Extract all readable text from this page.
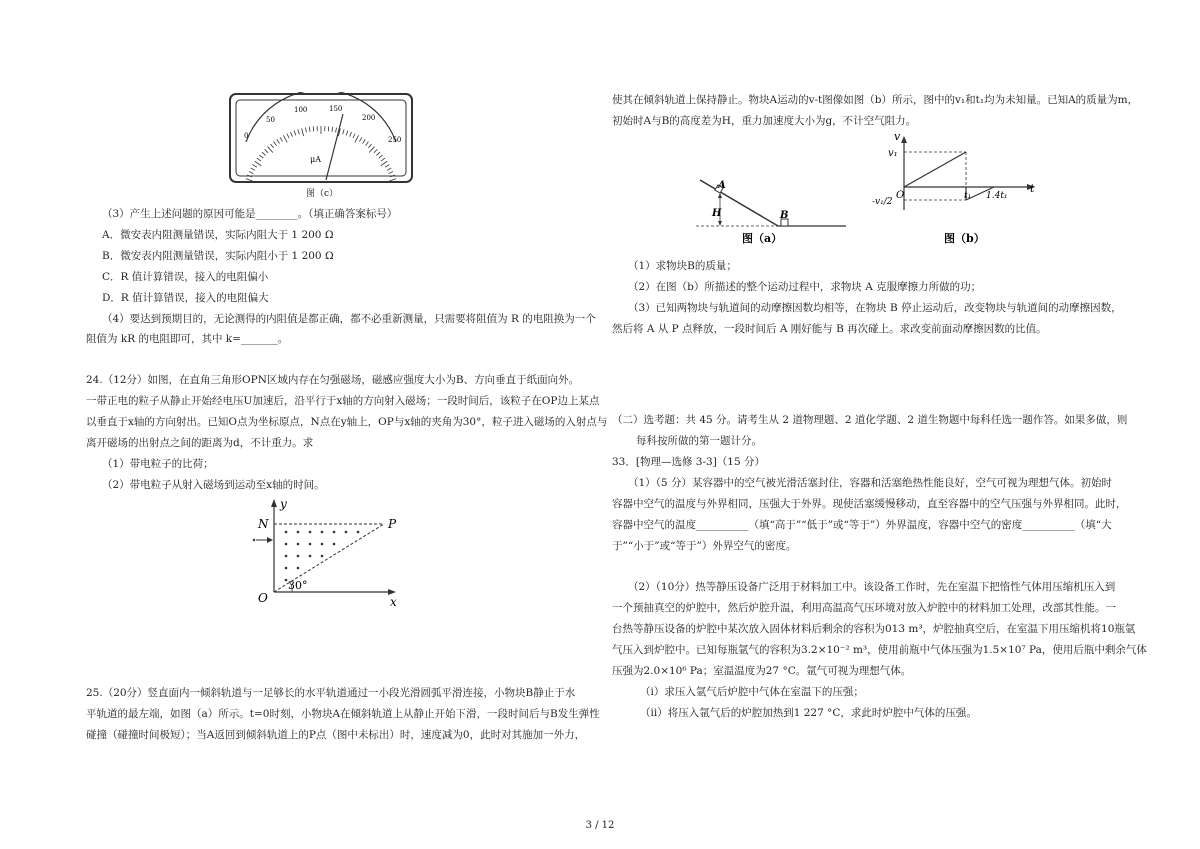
0
50
100	150
200
250
μA
图（c）
（3）产生上述问题的原因可能是________。（填正确答案标号）
A．微安表内阻测量错误，实际内阻大于 1 200 Ω
B．微安表内阻测量错误，实际内阻小于 1 200 Ω
C．R 值计算错误，接入的电阻偏小
D．R 值计算错误，接入的电阻偏大
（4）要达到预期目的，无论测得的内阻值是都正确，都不必重新测量，只需要将阻值为 R 的电阻换为一个
阻值为 kR 的电阻即可，其中 k=_______。
24.（12分）如图，在直角三角形OPN区域内存在匀强磁场，磁感应强度大小为B、方向垂直于纸面向外。
一带正电的粒子从静止开始经电压U加速后，沿平行于x轴的方向射入磁场；一段时间后，该粒子在OP边上某点
以垂直于x轴的方向射出。已知O点为坐标原点，N点在y轴上，OP与x轴的夹角为30°，粒子进入磁场的入射点与
离开磁场的出射点之间的距离为d，不计重力。求
（1）带电粒子的比荷；
（2）带电粒子从射入磁场到运动至x轴的时间。
y
x
N	P
O
30°
25.（20分）竖直面内一倾斜轨道与一足够长的水平轨道通过一小段光滑圆弧平滑连接，小物块B静止于水
平轨道的最左端，如图（a）所示。t=0时刻，小物块A在倾斜轨道上从静止开始下滑，一段时间后与B发生弹性
碰撞（碰撞时间极短）；当A返回到倾斜轨道上的P点（图中未标出）时，速度减为0，此时对其施加一外力，
使其在倾斜轨道上保持静止。物块A运动的v-t图像如图（b）所示，图中的v₁和t₁均为未知量。已知A的质量为m，
初始时A与B的高度差为H，重力加速度大小为g，不计空气阻力。
A
B
H
图（a）
v
v₁
t
O	t₁ 1.4t₁
-v₁/2
图（b）
（1）求物块B的质量；
（2）在图（b）所描述的整个运动过程中，求物块 A 克服摩擦力所做的功；
（3）已知两物块与轨道间的动摩擦因数均相等，在物块 B 停止运动后，改变物块与轨道间的动摩擦因数，
然后将 A 从 P 点释放，一段时间后 A 刚好能与 B 再次碰上。求改变前面动摩擦因数的比值。
（二）选考题：共 45 分。请考生从 2 道物理题、2 道化学题、2 道生物题中每科任选一题作答。如果多做，则
每科按所做的第一题计分。
33．[物理—选修 3-3]（15 分）
（1）（5 分）某容器中的空气被光滑活塞封住，容器和活塞绝热性能良好，空气可视为理想气体。初始时
容器中空气的温度与外界相同，压强大于外界。现使活塞缓慢移动，直至容器中的空气压强与外界相同。此时，
容器中空气的温度__________（填“高于”“低于”或“等于”）外界温度，容器中空气的密度__________（填“大
于”“小于”或“等于”）外界空气的密度。
（2）（10分）热等静压设备广泛用于材料加工中。该设备工作时，先在室温下把惰性气体用压缩机压入到
一个预抽真空的炉腔中，然后炉腔升温，利用高温高气压环境对放入炉腔中的材料加工处理，改部其性能。一
台热等静压设备的炉腔中某次放入固体材料后剩余的容积为013 m³，炉腔抽真空后，在室温下用压缩机将10瓶氩
气压入到炉腔中。已知每瓶氩气的容积为3.2×10⁻² m³，使用前瓶中气体压强为1.5×10⁷ Pa，使用后瓶中剩余气体
压强为2.0×10⁶ Pa；室温温度为27 °C。氩气可视为理想气体。
（i）求压入氩气后炉腔中气体在室温下的压强；
（ii）将压入氩气后的炉腔加热到1 227 °C，求此时炉腔中气体的压强。
3 / 12
